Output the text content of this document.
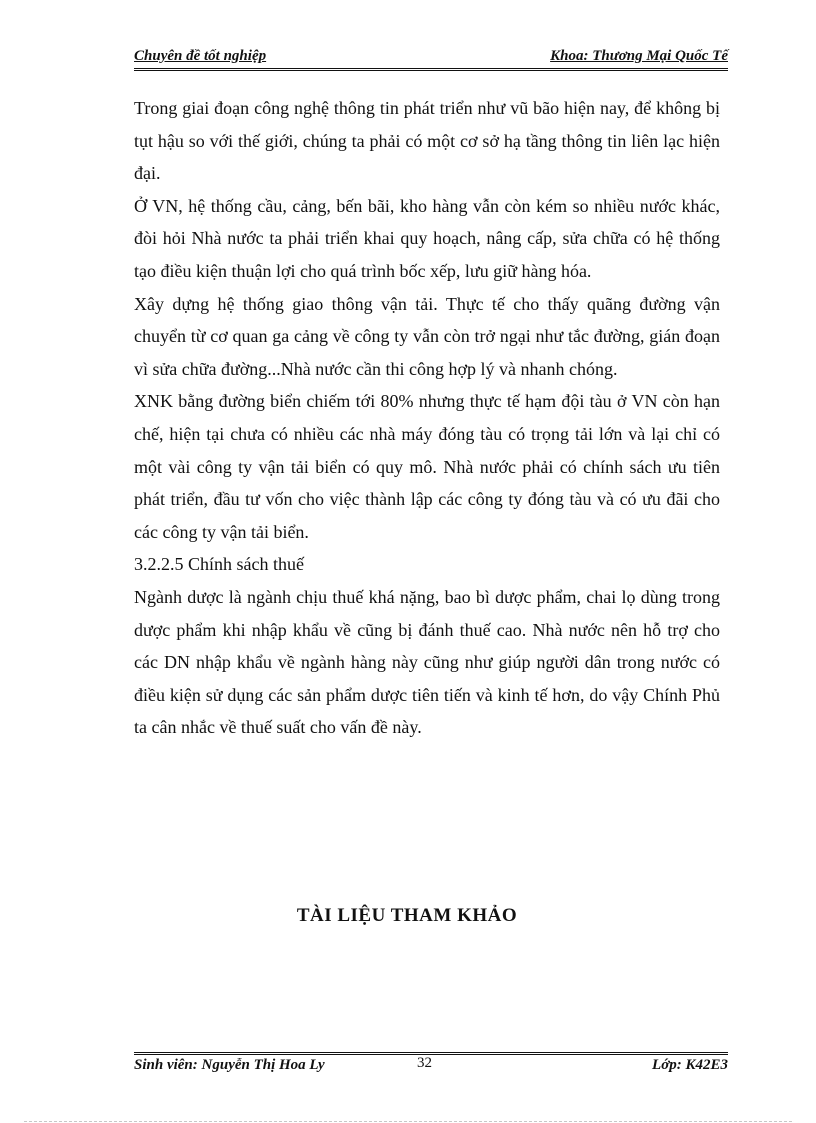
Chuyên đề tốt nghiệp	Khoa: Thương Mại Quốc Tế

Trong giai đoạn công nghệ thông tin phát triển như vũ bão hiện nay, để không bị tụt hậu so với thế giới, chúng ta phải có một cơ sở hạ tầng thông tin liên lạc hiện đại.

Ở VN, hệ thống cầu, cảng, bến bãi, kho hàng vẫn còn kém so nhiều nước khác, đòi hỏi Nhà nước ta phải triển khai quy hoạch, nâng cấp, sửa chữa có hệ thống tạo điều kiện thuận lợi cho quá trình bốc xếp, lưu giữ hàng hóa.

Xây dựng hệ thống giao thông vận tải. Thực tế cho thấy quãng đường vận chuyển từ cơ quan ga cảng về công ty vẫn còn trở ngại như tắc đường, gián đoạn vì sửa chữa đường...Nhà nước cần thi công hợp lý và nhanh chóng.

XNK bằng đường biển chiếm tới 80% nhưng thực tế hạm đội tàu ở VN còn hạn chế, hiện tại chưa có nhiều các nhà máy đóng tàu có trọng tải lớn và lại chỉ có một vài công ty vận tải biển có quy mô. Nhà nước phải có chính sách ưu tiên phát triển, đầu tư vốn cho việc thành lập các công ty đóng tàu và có ưu đãi cho các công ty vận tải biển.

3.2.2.5 Chính sách thuế

Ngành dược là ngành chịu thuế khá nặng, bao bì dược phẩm, chai lọ dùng trong dược phẩm khi nhập khẩu về cũng bị đánh thuế cao. Nhà nước nên hỗ trợ cho các DN nhập khẩu về ngành hàng này cũng như giúp người dân trong nước có điều kiện sử dụng các sản phẩm dược tiên tiến và kinh tế hơn, do vậy Chính Phủ ta cân nhắc về thuế suất cho vấn đề này.

TÀI LIỆU THAM KHẢO
Sinh viên: Nguyễn Thị Hoa Ly	32	Lớp: K42E3
